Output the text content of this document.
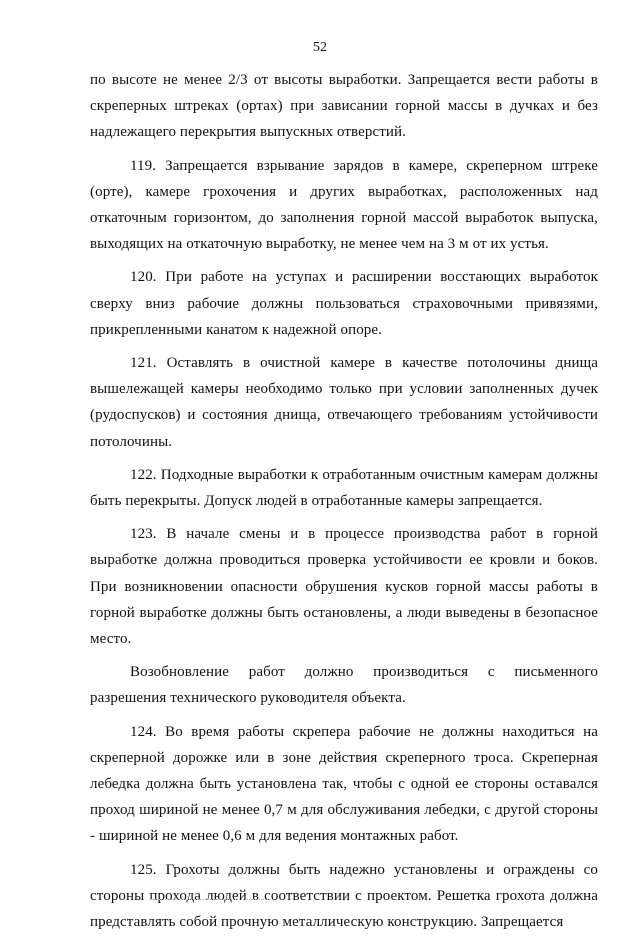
52

по высоте не менее 2/3 от высоты выработки. Запрещается вести работы в скреперных штреках (ортах) при зависании горной массы в дучках и без надлежащего перекрытия выпускных отверстий.

119. Запрещается взрывание зарядов в камере, скреперном штреке (орте), камере грохочения и других выработках, расположенных над откаточным горизонтом, до заполнения горной массой выработок выпуска, выходящих на откаточную выработку, не менее чем на 3 м от их устья.

120. При работе на уступах и расширении восстающих выработок сверху вниз рабочие должны пользоваться страховочными привязями, прикрепленными канатом к надежной опоре.

121. Оставлять в очистной камере в качестве потолочины днища вышележащей камеры необходимо только при условии заполненных дучек (рудоспусков) и состояния днища, отвечающего требованиям устойчивости потолочины.

122. Подходные выработки к отработанным очистным камерам должны быть перекрыты. Допуск людей в отработанные камеры запрещается.

123. В начале смены и в процессе производства работ в горной выработке должна проводиться проверка устойчивости ее кровли и боков. При возникновении опасности обрушения кусков горной массы работы в горной выработке должны быть остановлены, а люди выведены в безопасное место.

Возобновление работ должно производиться с письменного разрешения технического руководителя объекта.

124. Во время работы скрепера рабочие не должны находиться на скреперной дорожке или в зоне действия скреперного троса. Скреперная лебедка должна быть установлена так, чтобы с одной ее стороны оставался проход шириной не менее 0,7 м для обслуживания лебедки, с другой стороны - шириной не менее 0,6 м для ведения монтажных работ.

125. Грохоты должны быть надежно установлены и ограждены со стороны прохода людей в соответствии с проектом. Решетка грохота должна представлять собой прочную металлическую конструкцию. Запрещается
